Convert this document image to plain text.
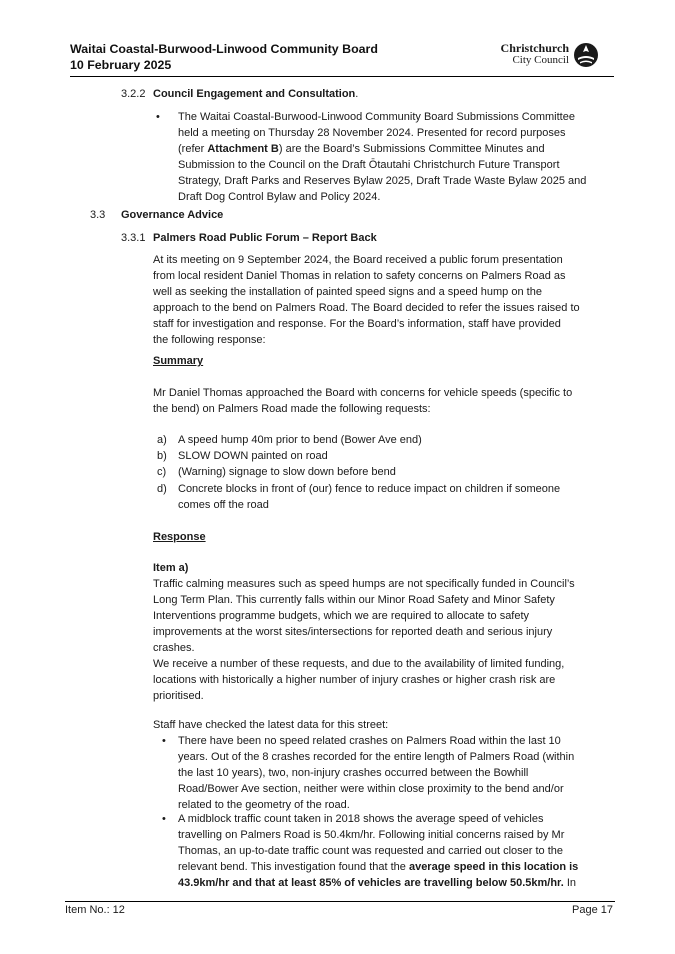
Waitai Coastal-Burwood-Linwood Community Board
10 February 2025
Christchurch
City Council
3.2.2 Council Engagement and Consultation.
• The Waitai Coastal-Burwood-Linwood Community Board Submissions Committee
held a meeting on Thursday 28 November 2024. Presented for record purposes
(refer Attachment B) are the Board’s Submissions Committee Minutes and
Submission to the Council on the Draft Ōtautahi Christchurch Future Transport
Strategy, Draft Parks and Reserves Bylaw 2025, Draft Trade Waste Bylaw 2025 and
Draft Dog Control Bylaw and Policy 2024.
3.3 Governance Advice
3.3.1 Palmers Road Public Forum – Report Back
At its meeting on 9 September 2024, the Board received a public forum presentation
from local resident Daniel Thomas in relation to safety concerns on Palmers Road as
well as seeking the installation of painted speed signs and a speed hump on the
approach to the bend on Palmers Road. The Board decided to refer the issues raised to
staff for investigation and response. For the Board’s information, staff have provided
the following response:
Summary
Mr Daniel Thomas approached the Board with concerns for vehicle speeds (specific to
the bend) on Palmers Road made the following requests:
a) A speed hump 40m prior to bend (Bower Ave end)
b) SLOW DOWN painted on road
c) (Warning) signage to slow down before bend
d) Concrete blocks in front of (our) fence to reduce impact on children if someone
comes off the road
Response
Item a)
Traffic calming measures such as speed humps are not specifically funded in Council’s
Long Term Plan. This currently falls within our Minor Road Safety and Minor Safety
Interventions programme budgets, which we are required to allocate to safety
improvements at the worst sites/intersections for reported death and serious injury
crashes.
We receive a number of these requests, and due to the availability of limited funding,
locations with historically a higher number of injury crashes or higher crash risk are
prioritised.
Staff have checked the latest data for this street:
• There have been no speed related crashes on Palmers Road within the last 10
years. Out of the 8 crashes recorded for the entire length of Palmers Road (within
the last 10 years), two, non-injury crashes occurred between the Bowhill
Road/Bower Ave section, neither were within close proximity to the bend and/or
related to the geometry of the road.
• A midblock traffic count taken in 2018 shows the average speed of vehicles
travelling on Palmers Road is 50.4km/hr. Following initial concerns raised by Mr
Thomas, an up-to-date traffic count was requested and carried out closer to the
relevant bend. This investigation found that the average speed in this location is
43.9km/hr and that at least 85% of vehicles are travelling below 50.5km/hr. In
Item No.: 12	Page 17
